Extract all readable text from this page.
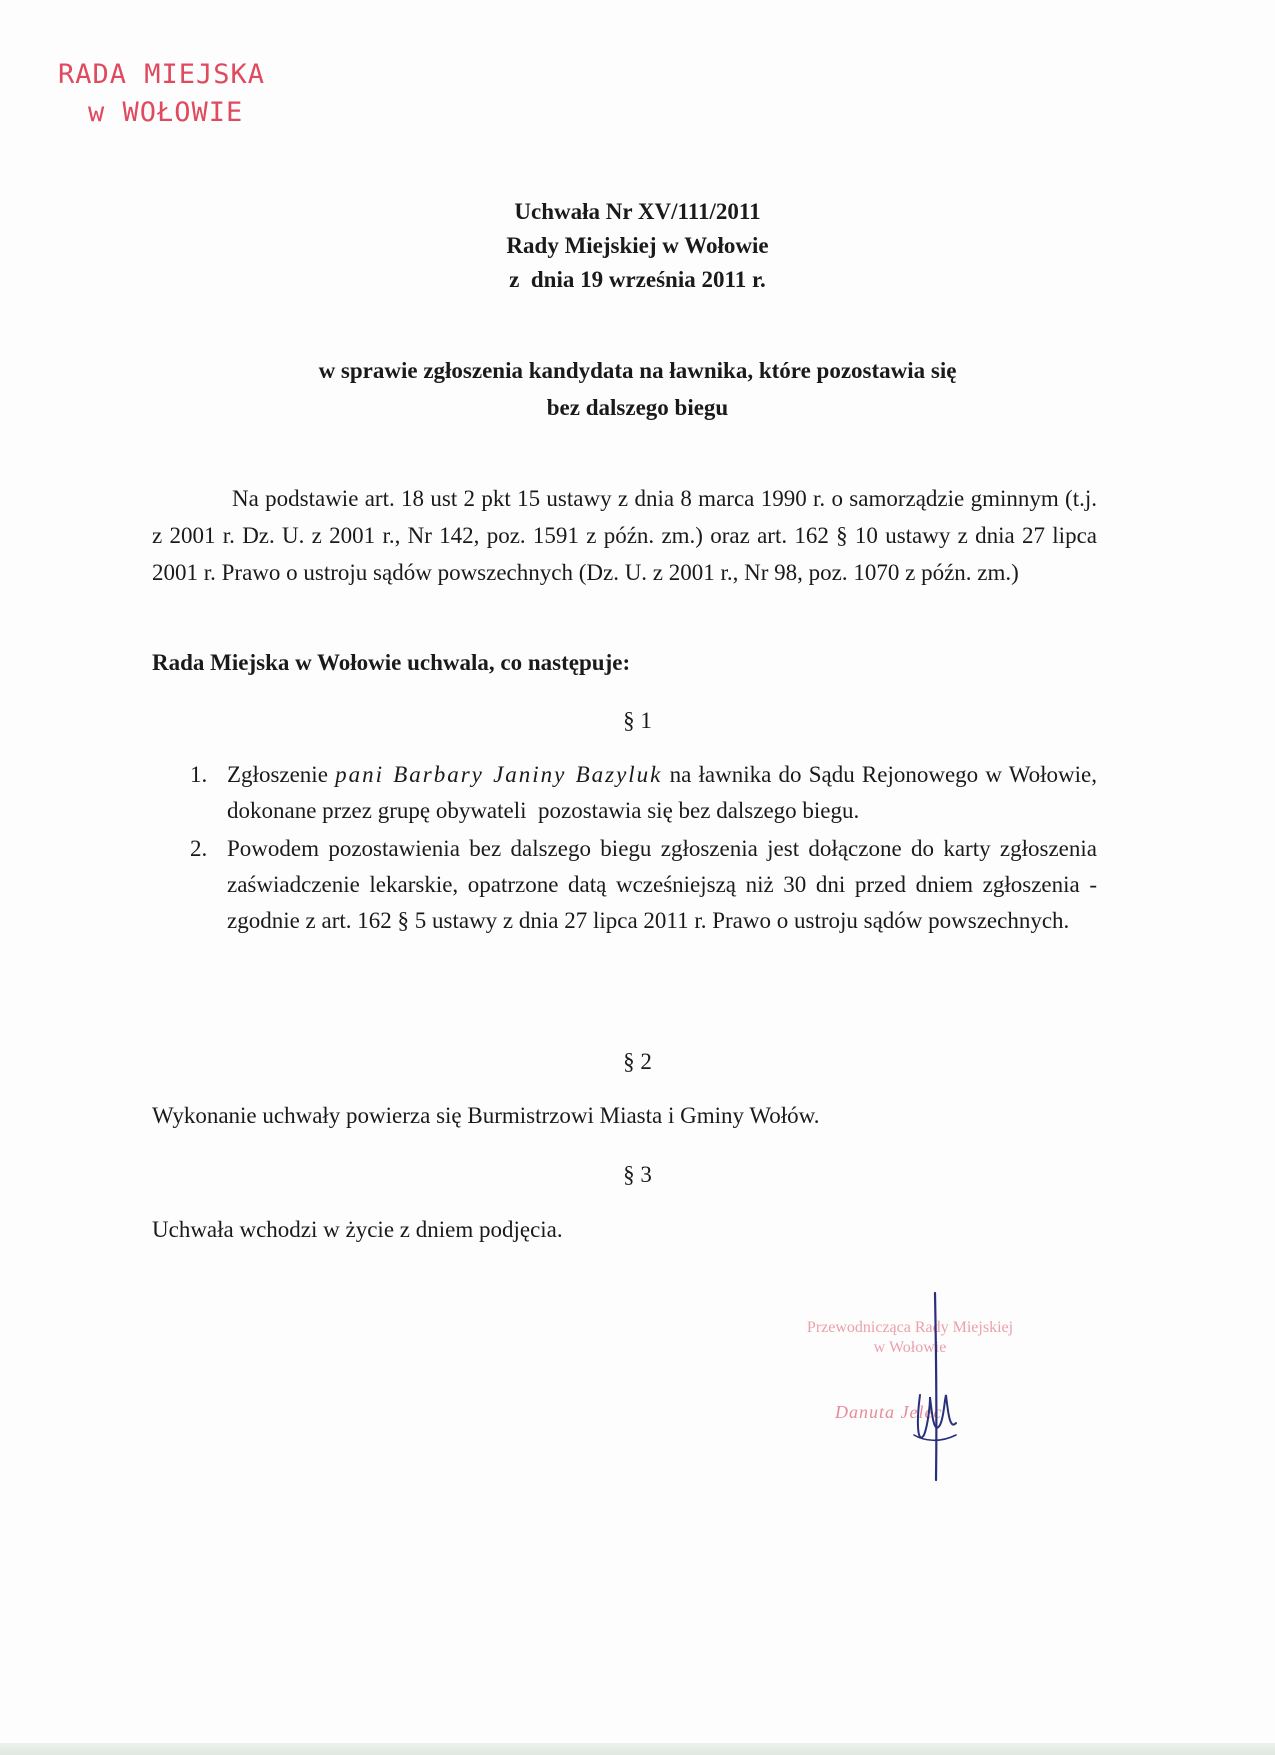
RADA MIEJSKA
w WOŁOWIE
Uchwała Nr XV/111/2011
Rady Miejskiej w Wołowie
z  dnia 19 września 2011 r.
w sprawie zgłoszenia kandydata na ławnika, które pozostawia się
bez dalszego biegu
Na podstawie art. 18 ust 2 pkt 15 ustawy z dnia 8 marca 1990 r. o samorządzie gminnym (t.j. z 2001 r. Dz. U. z 2001 r., Nr 142, poz. 1591 z późn. zm.) oraz art. 162 § 10 ustawy z dnia 27 lipca 2001 r. Prawo o ustroju sądów powszechnych (Dz. U. z 2001 r., Nr 98, poz. 1070 z późn. zm.)
Rada Miejska w Wołowie uchwala, co następuje:
§ 1
1. Zgłoszenie pani Barbary Janiny Bazyluk na ławnika do Sądu Rejonowego w Wołowie, dokonane przez grupę obywateli  pozostawia się bez dalszego biegu.
2. Powodem pozostawienia bez dalszego biegu zgłoszenia jest dołączone do karty zgłoszenia zaświadczenie lekarskie, opatrzone datą wcześniejszą niż 30 dni przed dniem zgłoszenia - zgodnie z art. 162 § 5 ustawy z dnia 27 lipca 2011 r. Prawo o ustroju sądów powszechnych.
§ 2
Wykonanie uchwały powierza się Burmistrzowi Miasta i Gminy Wołów.
§ 3
Uchwała wchodzi w życie z dniem podjęcia.
Przewodnicząca Rady Miejskiej
w Wołowie
Danuta Jelec
